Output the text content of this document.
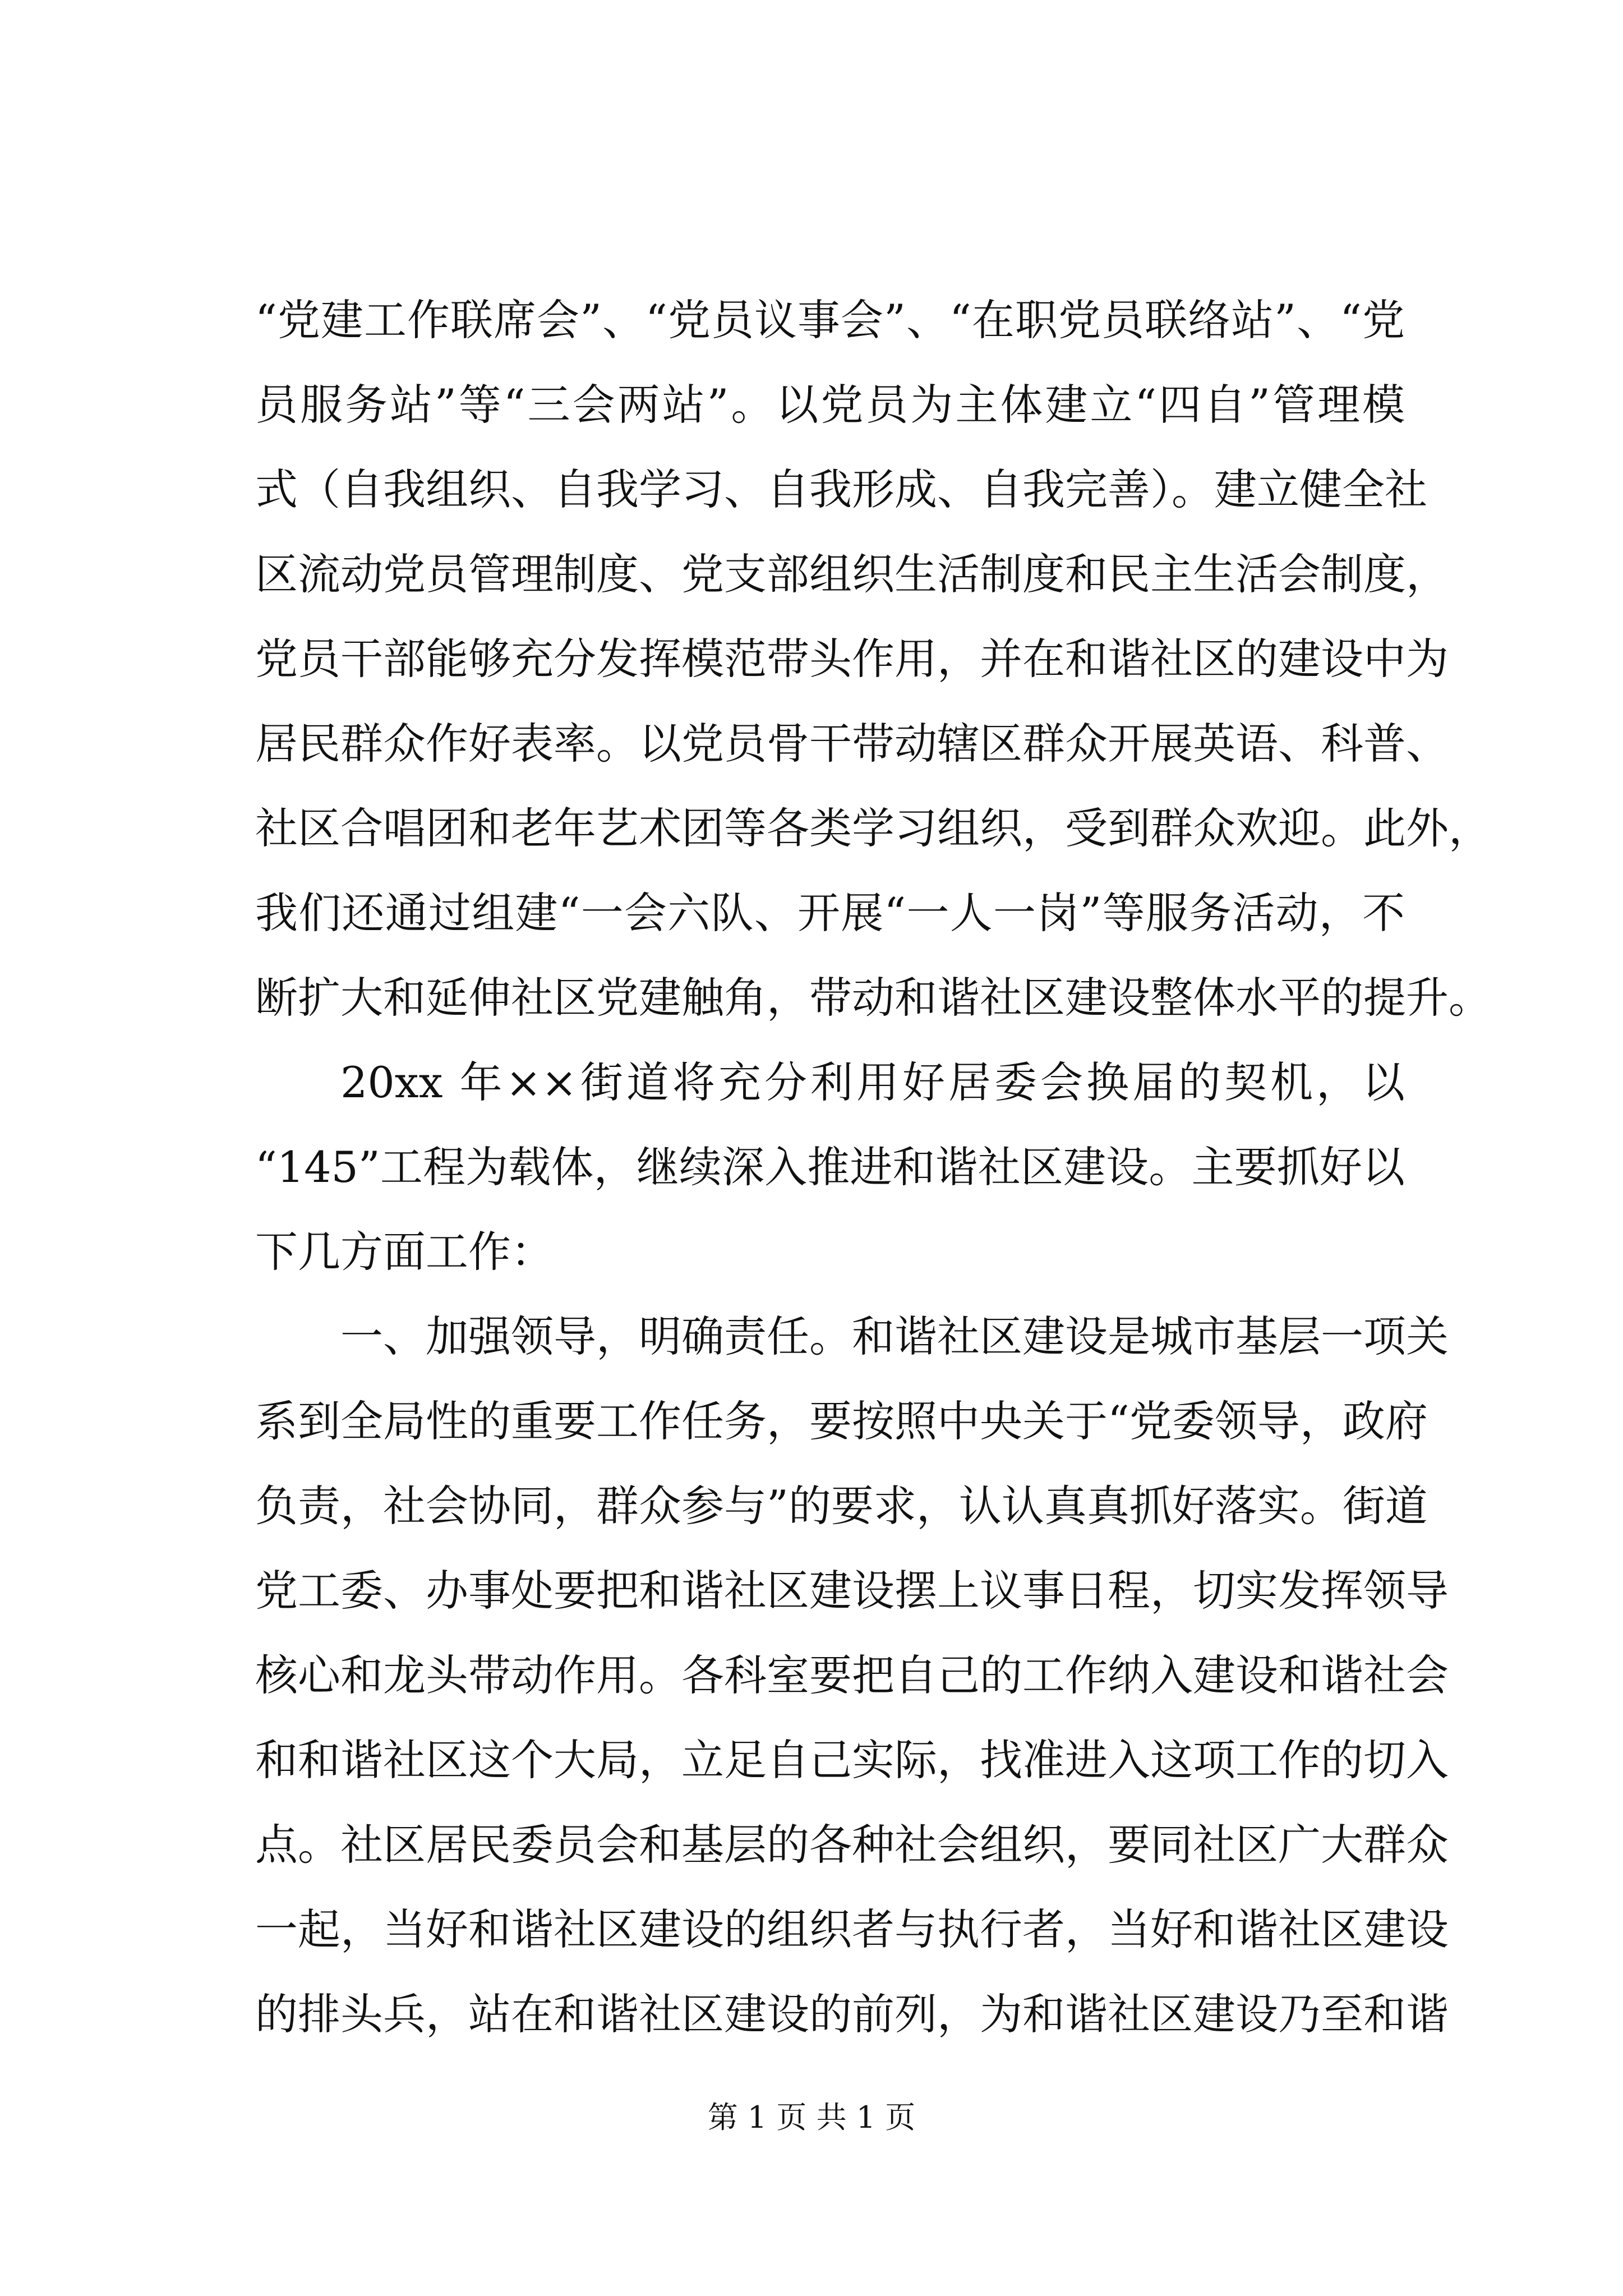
“党建工作联席会”、“党员议事会”、“在职党员联络站”、“党
员服务站”等“三会两站”。以党员为主体建立“四自”管理模
式（自我组织、自我学习、自我形成、自我完善）。建立健全社
区流动党员管理制度、党支部组织生活制度和民主生活会制度，
党员干部能够充分发挥模范带头作用，并在和谐社区的建设中为
居民群众作好表率。以党员骨干带动辖区群众开展英语、科普、
社区合唱团和老年艺术团等各类学习组织，受到群众欢迎。此外，
我们还通过组建“一会六队、开展“一人一岗”等服务活动，不
断扩大和延伸社区党建触角，带动和谐社区建设整体水平的提升。
20xx 年××街道将充分利用好居委会换届的契机，以
“145”工程为载体，继续深入推进和谐社区建设。主要抓好以
下几方面工作：
一、加强领导，明确责任。和谐社区建设是城市基层一项关
系到全局性的重要工作任务，要按照中央关于“党委领导，政府
负责，社会协同，群众参与”的要求，认认真真抓好落实。街道
党工委、办事处要把和谐社区建设摆上议事日程，切实发挥领导
核心和龙头带动作用。各科室要把自己的工作纳入建设和谐社会
和和谐社区这个大局，立足自己实际，找准进入这项工作的切入
点。社区居民委员会和基层的各种社会组织，要同社区广大群众
一起，当好和谐社区建设的组织者与执行者，当好和谐社区建设
的排头兵，站在和谐社区建设的前列，为和谐社区建设乃至和谐
第 1 页 共 1 页
